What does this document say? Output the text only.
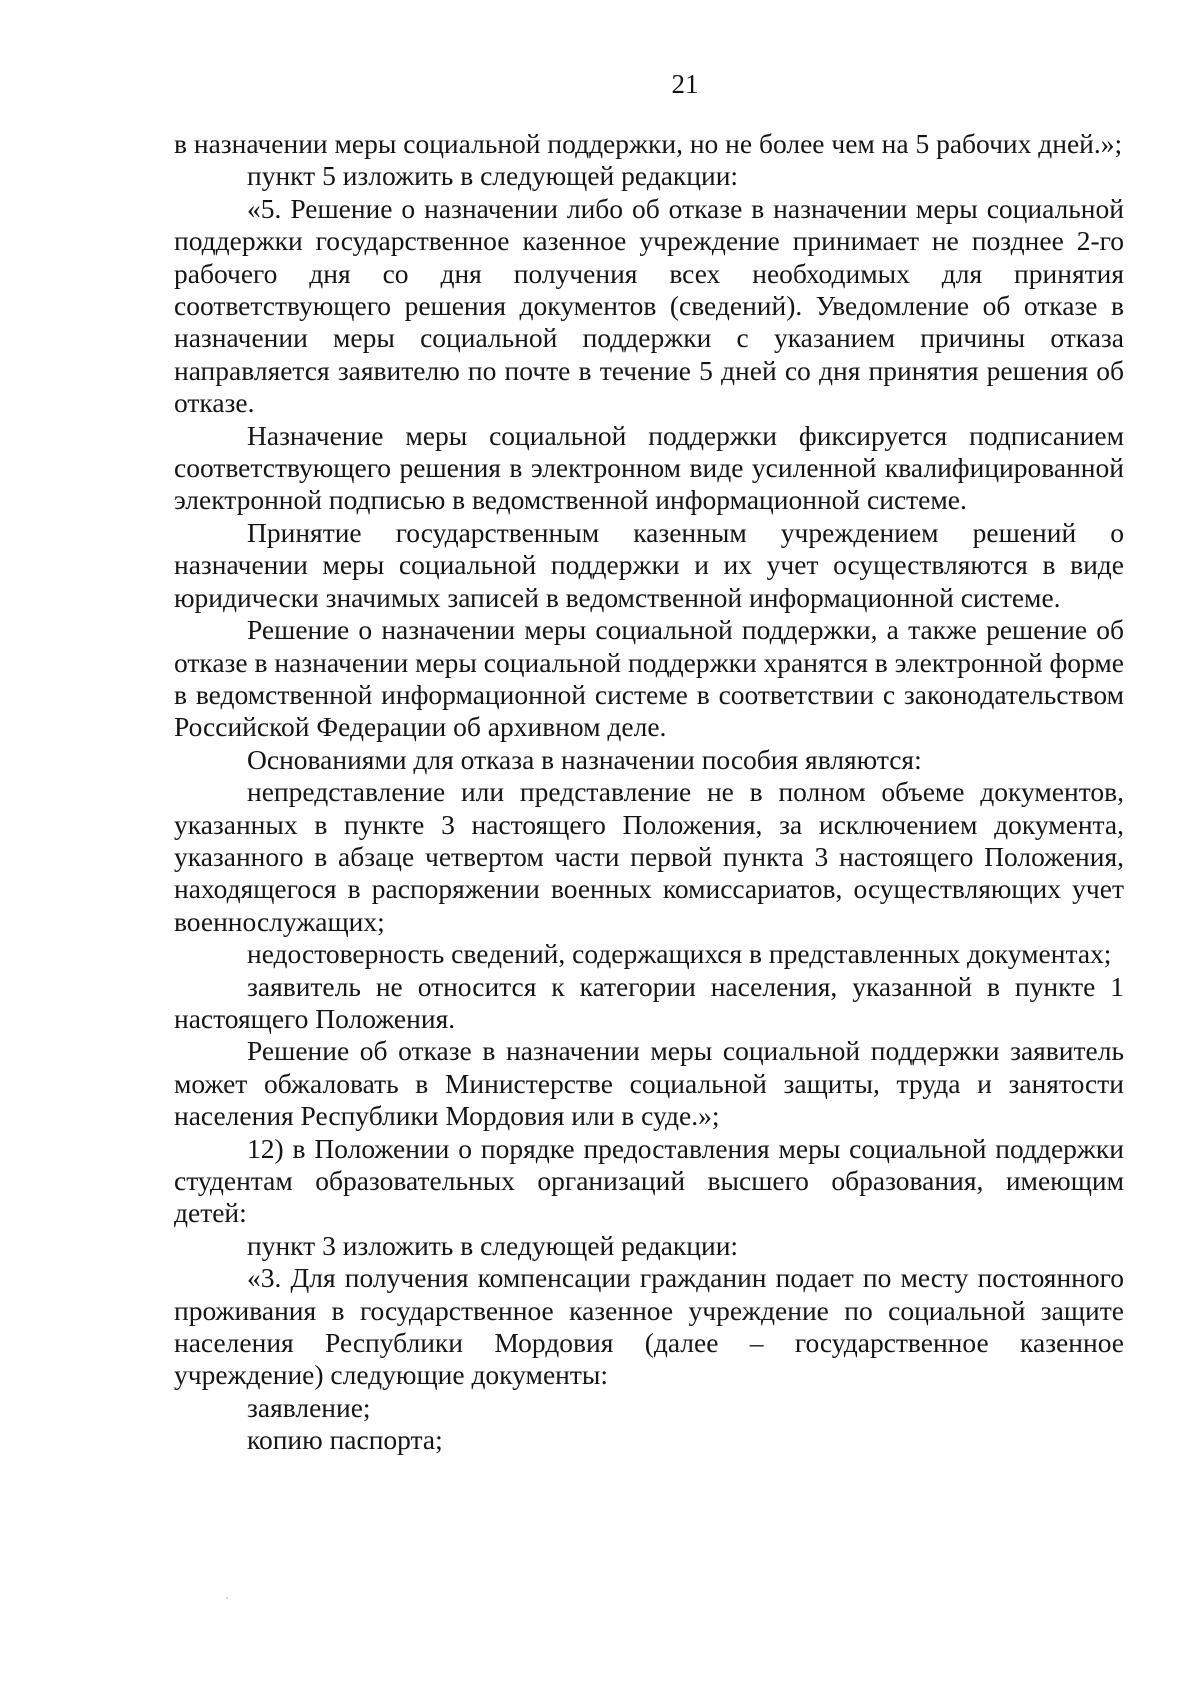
21

в назначении меры социальной поддержки, но не более чем на 5 рабочих дней.»;

пункт 5 изложить в следующей редакции:

«5. Решение о назначении либо об отказе в назначении меры социальной поддержки государственное казенное учреждение принимает не позднее 2-го рабочего дня со дня получения всех необходимых для принятия соответствующего решения документов (сведений). Уведомление об отказе в назначении меры социальной поддержки с указанием причины отказа направляется заявителю по почте в течение 5 дней со дня принятия решения об отказе.

Назначение меры социальной поддержки фиксируется подписанием соответствующего решения в электронном виде усиленной квалифицированной электронной подписью в ведомственной информационной системе.

Принятие государственным казенным учреждением решений о назначении меры социальной поддержки и их учет осуществляются в виде юридически значимых записей в ведомственной информационной системе.

Решение о назначении меры социальной поддержки, а также решение об отказе в назначении меры социальной поддержки хранятся в электронной форме в ведомственной информационной системе в соответствии с законодательством Российской Федерации об архивном деле.

Основаниями для отказа в назначении пособия являются:

непредставление или представление не в полном объеме документов, указанных в пункте 3 настоящего Положения, за исключением документа, указанного в абзаце четвертом части первой пункта 3 настоящего Положения, находящегося в распоряжении военных комиссариатов, осуществляющих учет военнослужащих;

недостоверность сведений, содержащихся в представленных документах;

заявитель не относится к категории населения, указанной в пункте 1 настоящего Положения.

Решение об отказе в назначении меры социальной поддержки заявитель может обжаловать в Министерстве социальной защиты, труда и занятости населения Республики Мордовия или в суде.»;

12) в Положении о порядке предоставления меры социальной поддержки студентам образовательных организаций высшего образования, имеющим детей:

пункт 3 изложить в следующей редакции:

«3. Для получения компенсации гражданин подает по месту постоянного проживания в государственное казенное учреждение по социальной защите населения Республики Мордовия (далее – государственное казенное учреждение) следующие документы:

заявление;

копию паспорта;
